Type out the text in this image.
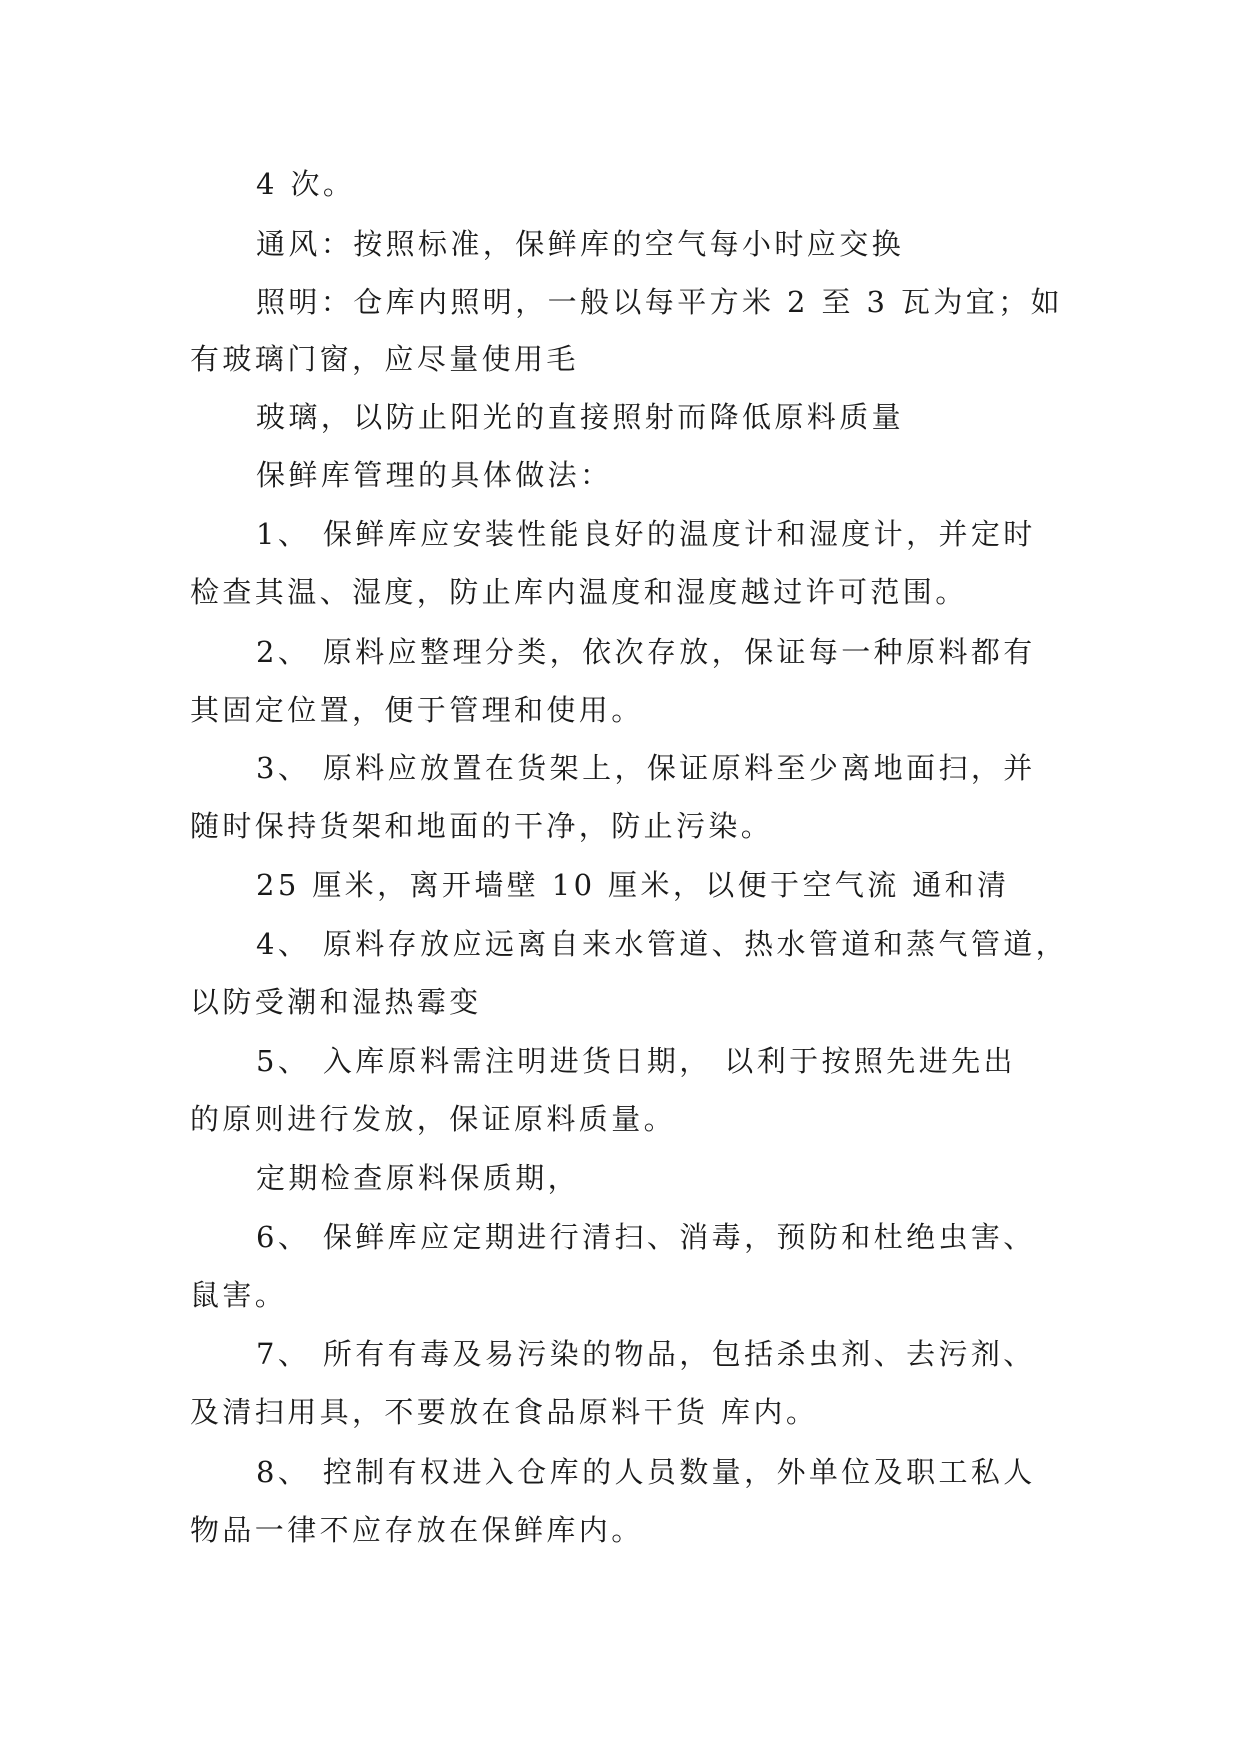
4 次。
通风：按照标准，保鲜库的空气每小时应交换
照明：仓库内照明，一般以每平方米 2 至 3 瓦为宜；如
有玻璃门窗，应尽量使用毛
玻璃，以防止阳光的直接照射而降低原料质量
保鲜库管理的具体做法：
1、 保鲜库应安装性能良好的温度计和湿度计，并定时
检查其温、湿度，防止库内温度和湿度越过许可范围。
2、 原料应整理分类，依次存放，保证每一种原料都有
其固定位置，便于管理和使用。
3、 原料应放置在货架上，保证原料至少离地面扫，并
随时保持货架和地面的干净，防止污染。
25 厘米，离开墙壁 10 厘米，以便于空气流 通和清
4、 原料存放应远离自来水管道、热水管道和蒸气管道，
以防受潮和湿热霉变
5、 入库原料需注明进货日期， 以利于按照先进先出
的原则进行发放，保证原料质量。
定期检查原料保质期，
6、 保鲜库应定期进行清扫、消毒，预防和杜绝虫害、
鼠害。
7、 所有有毒及易污染的物品，包括杀虫剂、去污剂、
及清扫用具，不要放在食品原料干货 库内。
8、 控制有权进入仓库的人员数量，外单位及职工私人
物品一律不应存放在保鲜库内。
